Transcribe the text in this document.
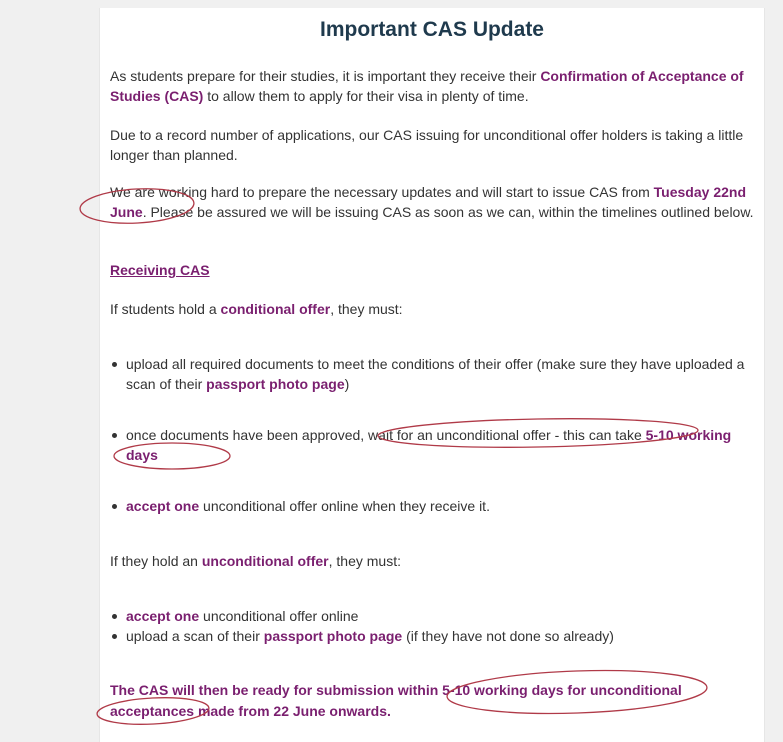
Important CAS Update

As students prepare for their studies, it is important they receive their Confirmation of Acceptance of Studies (CAS) to allow them to apply for their visa in plenty of time.

Due to a record number of applications, our CAS issuing for unconditional offer holders is taking a little longer than planned.

We are working hard to prepare the necessary updates and will start to issue CAS from Tuesday 22nd June. Please be assured we will be issuing CAS as soon as we can, within the timelines outlined below.

Receiving CAS

If students hold a conditional offer, they must:

upload all required documents to meet the conditions of their offer (make sure they have uploaded a scan of their passport photo page)
once documents have been approved, wait for an unconditional offer - this can take 5-10 working days
accept one unconditional offer online when they receive it.

If they hold an unconditional offer, they must:

accept one unconditional offer online
upload a scan of their passport photo page (if they have not done so already)

The CAS will then be ready for submission within 5-10 working days for unconditional acceptances made from 22 June onwards.
